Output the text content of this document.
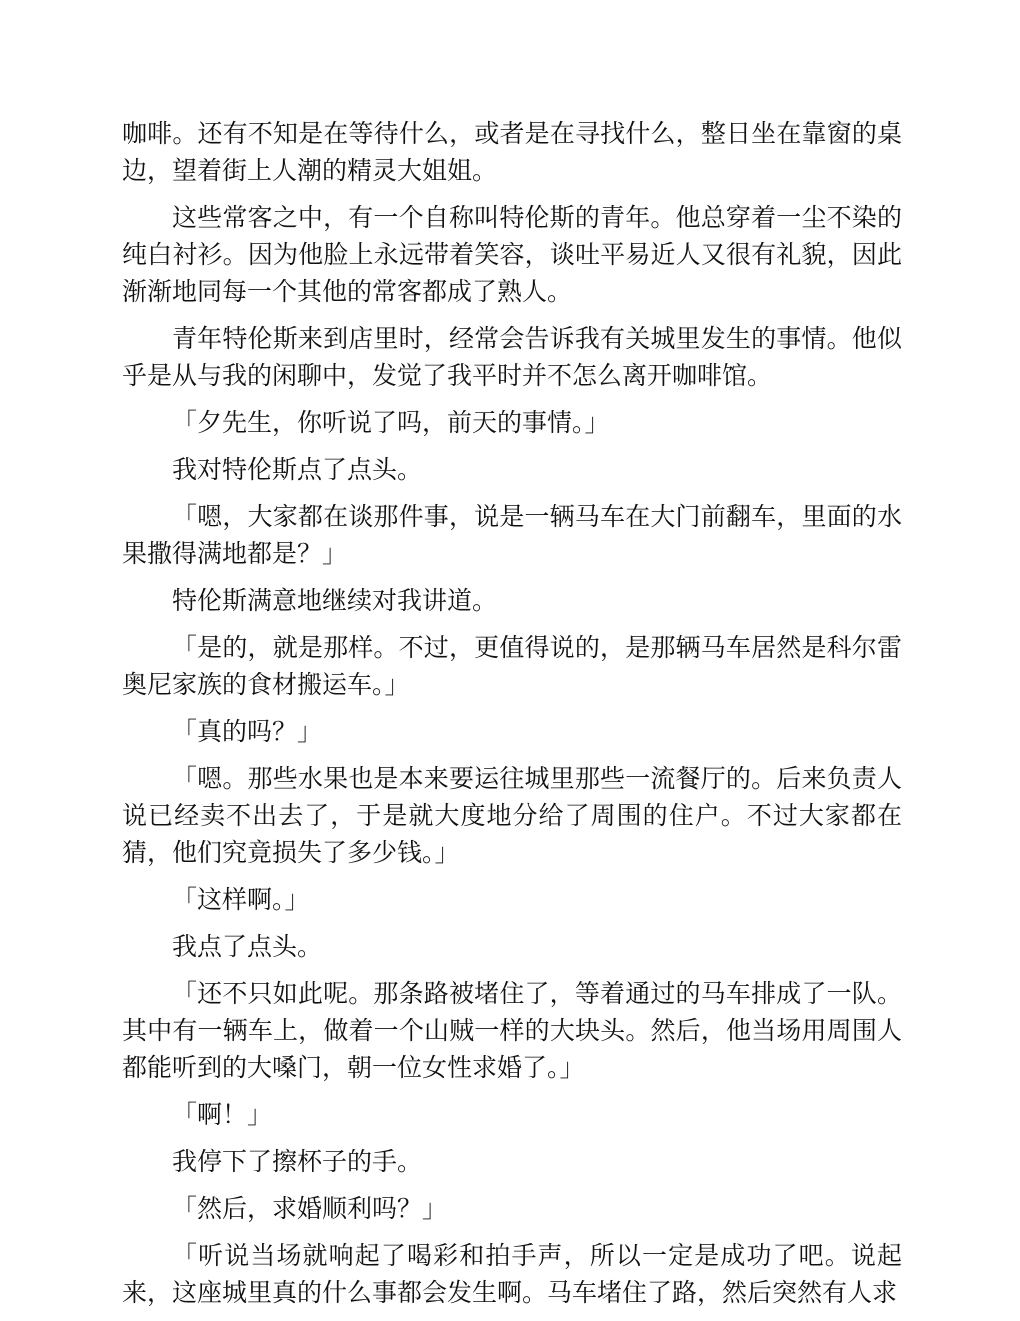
咖啡。还有不知是在等待什么，或者是在寻找什么，整日坐在靠窗的桌边，望着街上人潮的精灵大姐姐。

这些常客之中，有一个自称叫特伦斯的青年。他总穿着一尘不染的纯白衬衫。因为他脸上永远带着笑容，谈吐平易近人又很有礼貌，因此渐渐地同每一个其他的常客都成了熟人。

青年特伦斯来到店里时，经常会告诉我有关城里发生的事情。他似乎是从与我的闲聊中，发觉了我平时并不怎么离开咖啡馆。

「夕先生，你听说了吗，前天的事情。」

我对特伦斯点了点头。

「嗯，大家都在谈那件事，说是一辆马车在大门前翻车，里面的水果撒得满地都是？」

特伦斯满意地继续对我讲道。

「是的，就是那样。不过，更值得说的，是那辆马车居然是科尔雷奥尼家族的食材搬运车。」

「真的吗？」

「嗯。那些水果也是本来要运往城里那些一流餐厅的。后来负责人说已经卖不出去了，于是就大度地分给了周围的住户。不过大家都在猜，他们究竟损失了多少钱。」

「这样啊。」

我点了点头。

「还不只如此呢。那条路被堵住了，等着通过的马车排成了一队。其中有一辆车上，做着一个山贼一样的大块头。然后，他当场用周围人都能听到的大嗓门，朝一位女性求婚了。」

「啊！」

我停下了擦杯子的手。

「然后，求婚顺利吗？」

「听说当场就响起了喝彩和拍手声，所以一定是成功了吧。说起来，这座城里真的什么事都会发生啊。马车堵住了路，然后突然有人求
